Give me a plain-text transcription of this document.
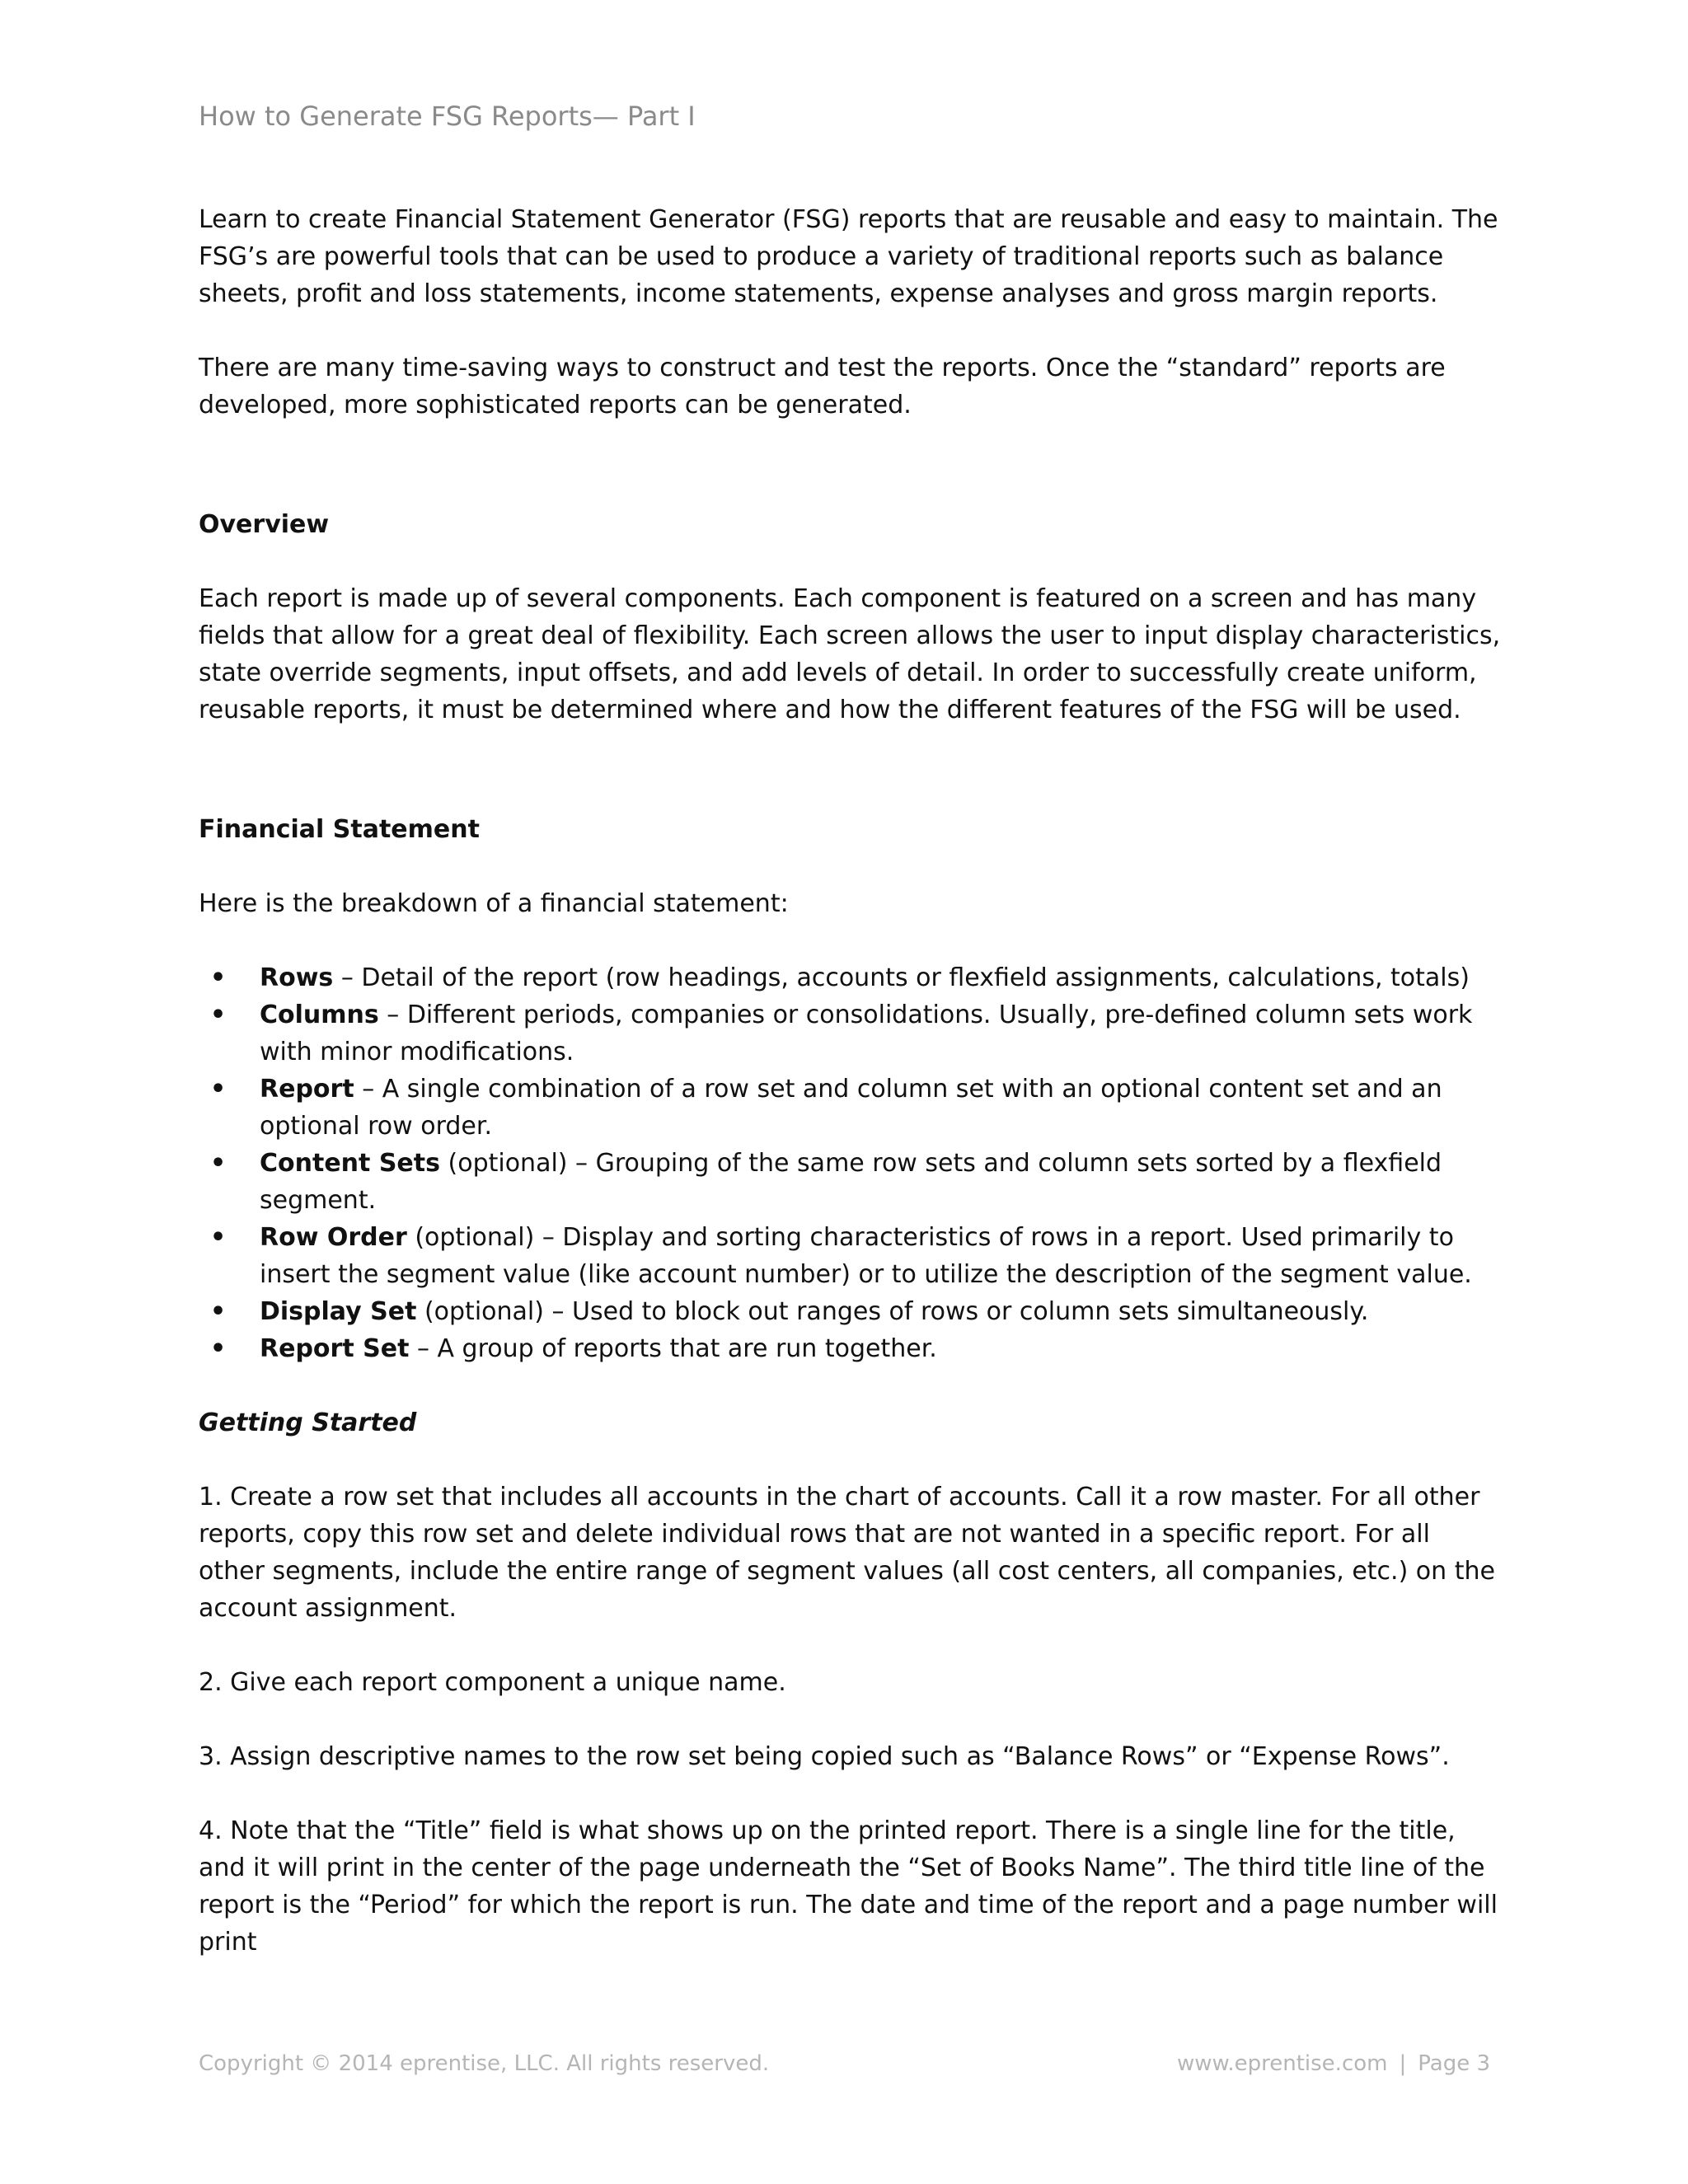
How to Generate FSG Reports— Part I

Learn to create Financial Statement Generator (FSG) reports that are reusable and easy to maintain. The FSG’s are powerful tools that can be used to produce a variety of traditional reports such as balance sheets, profit and loss statements, income statements, expense analyses and gross margin reports.

There are many time-saving ways to construct and test the reports. Once the “standard” reports are developed, more sophisticated reports can be generated.

Overview

Each report is made up of several components. Each component is featured on a screen and has many fields that allow for a great deal of flexibility. Each screen allows the user to input display characteristics, state override segments, input offsets, and add levels of detail. In order to successfully create uniform, reusable reports, it must be determined where and how the different features of the FSG will be used.

Financial Statement

Here is the breakdown of a financial statement:

• Rows – Detail of the report (row headings, accounts or flexfield assignments, calculations, totals)
• Columns – Different periods, companies or consolidations. Usually, pre-defined column sets work with minor modifications.
• Report – A single combination of a row set and column set with an optional content set and an optional row order.
• Content Sets (optional) – Grouping of the same row sets and column sets sorted by a flexfield segment.
• Row Order (optional) – Display and sorting characteristics of rows in a report. Used primarily to insert the segment value (like account number) or to utilize the description of the segment value.
• Display Set (optional) – Used to block out ranges of rows or column sets simultaneously.
• Report Set – A group of reports that are run together.

Getting Started

1. Create a row set that includes all accounts in the chart of accounts. Call it a row master. For all other reports, copy this row set and delete individual rows that are not wanted in a specific report. For all other segments, include the entire range of segment values (all cost centers, all companies, etc.) on the account assignment.

2. Give each report component a unique name.

3. Assign descriptive names to the row set being copied such as “Balance Rows” or “Expense Rows”.

4. Note that the “Title” field is what shows up on the printed report. There is a single line for the title, and it will print in the center of the page underneath the “Set of Books Name”. The third title line of the report is the “Period” for which the report is run. The date and time of the report and a page number will print

Copyright © 2014 eprentise, LLC. All rights reserved.	www.eprentise.com | Page 3
